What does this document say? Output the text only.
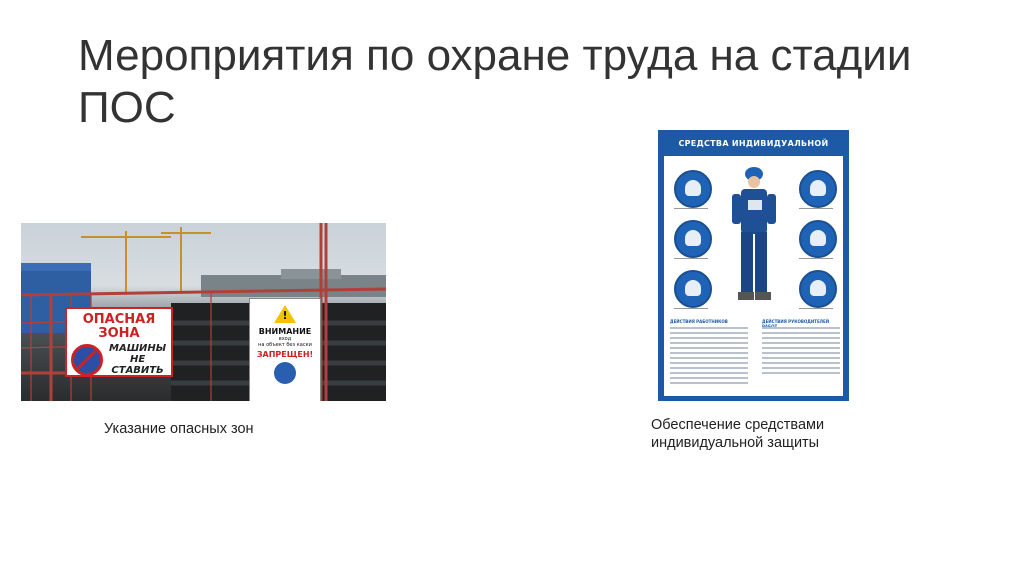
Мероприятия по охране труда на стадии
ПОС
ОПАСНАЯ
ЗОНА
МАШИНЫ
НЕ
СТАВИТЬ
!
ВНИМАНИЕ
вход
на объект без каски
ЗАПРЕЩЕН!
Указание опасных зон
СРЕДСТВА ИНДИВИДУАЛЬНОЙ
ДЕЙСТВИЯ РАБОТНИКОВ	ДЕЙСТВИЯ РУКОВОДИТЕЛЕЙ
Обеспечение средствами
индивидуальной защиты
